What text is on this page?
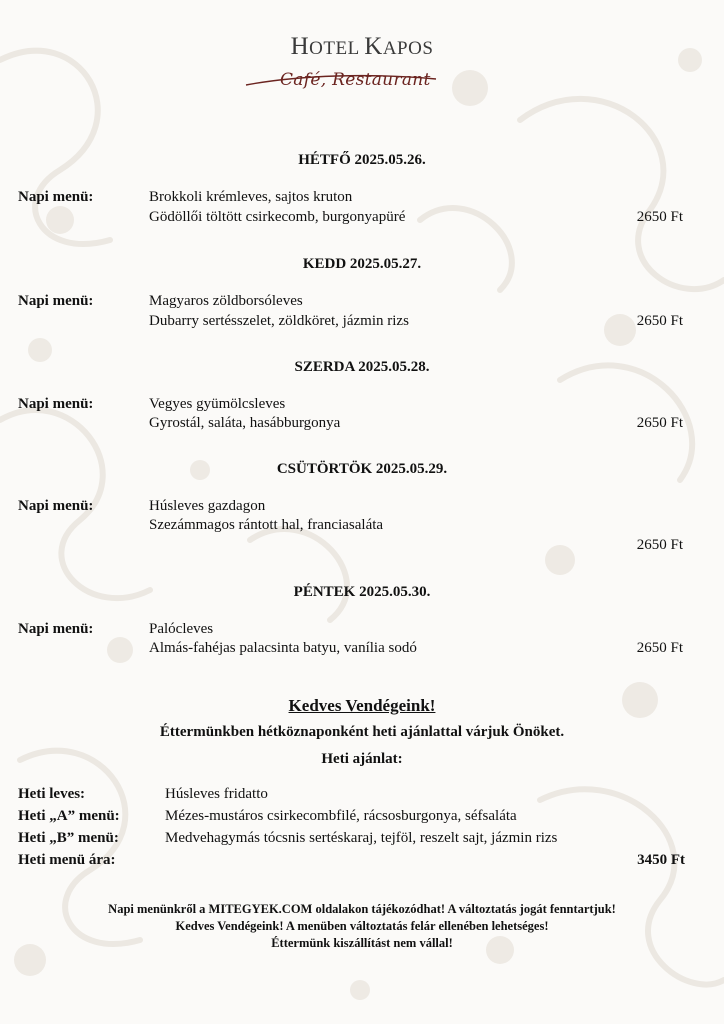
HOTEL KAPOS
Café, Restaurant
HÉTFŐ 2025.05.26.
Napi menü:	Brokkoli krémleves, sajtos kruton
Gödöllői töltött csirkecomb, burgonyapüré	2650 Ft
KEDD 2025.05.27.
Napi menü:	Magyaros zöldborsóleves
Dubarry sertésszelet, zöldköret, jázmin rizs	2650 Ft
SZERDA 2025.05.28.
Napi menü:	Vegyes gyümölcsleves
Gyrostál, saláta, hasábburgonya	2650 Ft
CSÜTÖRTÖK 2025.05.29.
Napi menü:	Húsleves gazdagon
Szezámmagos rántott hal, franciasaláta
2650 Ft
PÉNTEK 2025.05.30.
Napi menü:	Palócleves
Almás-fahéjas palacsinta batyu, vanília sodó	2650 Ft
Kedves Vendégeink!
Éttermünkben hétköznaponként heti ajánlattal várjuk Önöket.
Heti ajánlat:
Heti leves:	Húsleves fridatto
Heti „A” menü:	Mézes-mustáros csirkecombfilé, rácsosburgonya, séfsaláta
Heti „B” menü:	Medvehagymás tócsnis sertéskaraj, tejföl, reszelt sajt, jázmin rizs
Heti menü ára:	3450 Ft
Napi menünkről a MITEGYEK.COM oldalakon tájékozódhat! A változtatás jogát fenntartjuk!
Kedves Vendégeink! A menüben változtatás felár ellenében lehetséges!
Éttermünk kiszállítást nem vállal!
